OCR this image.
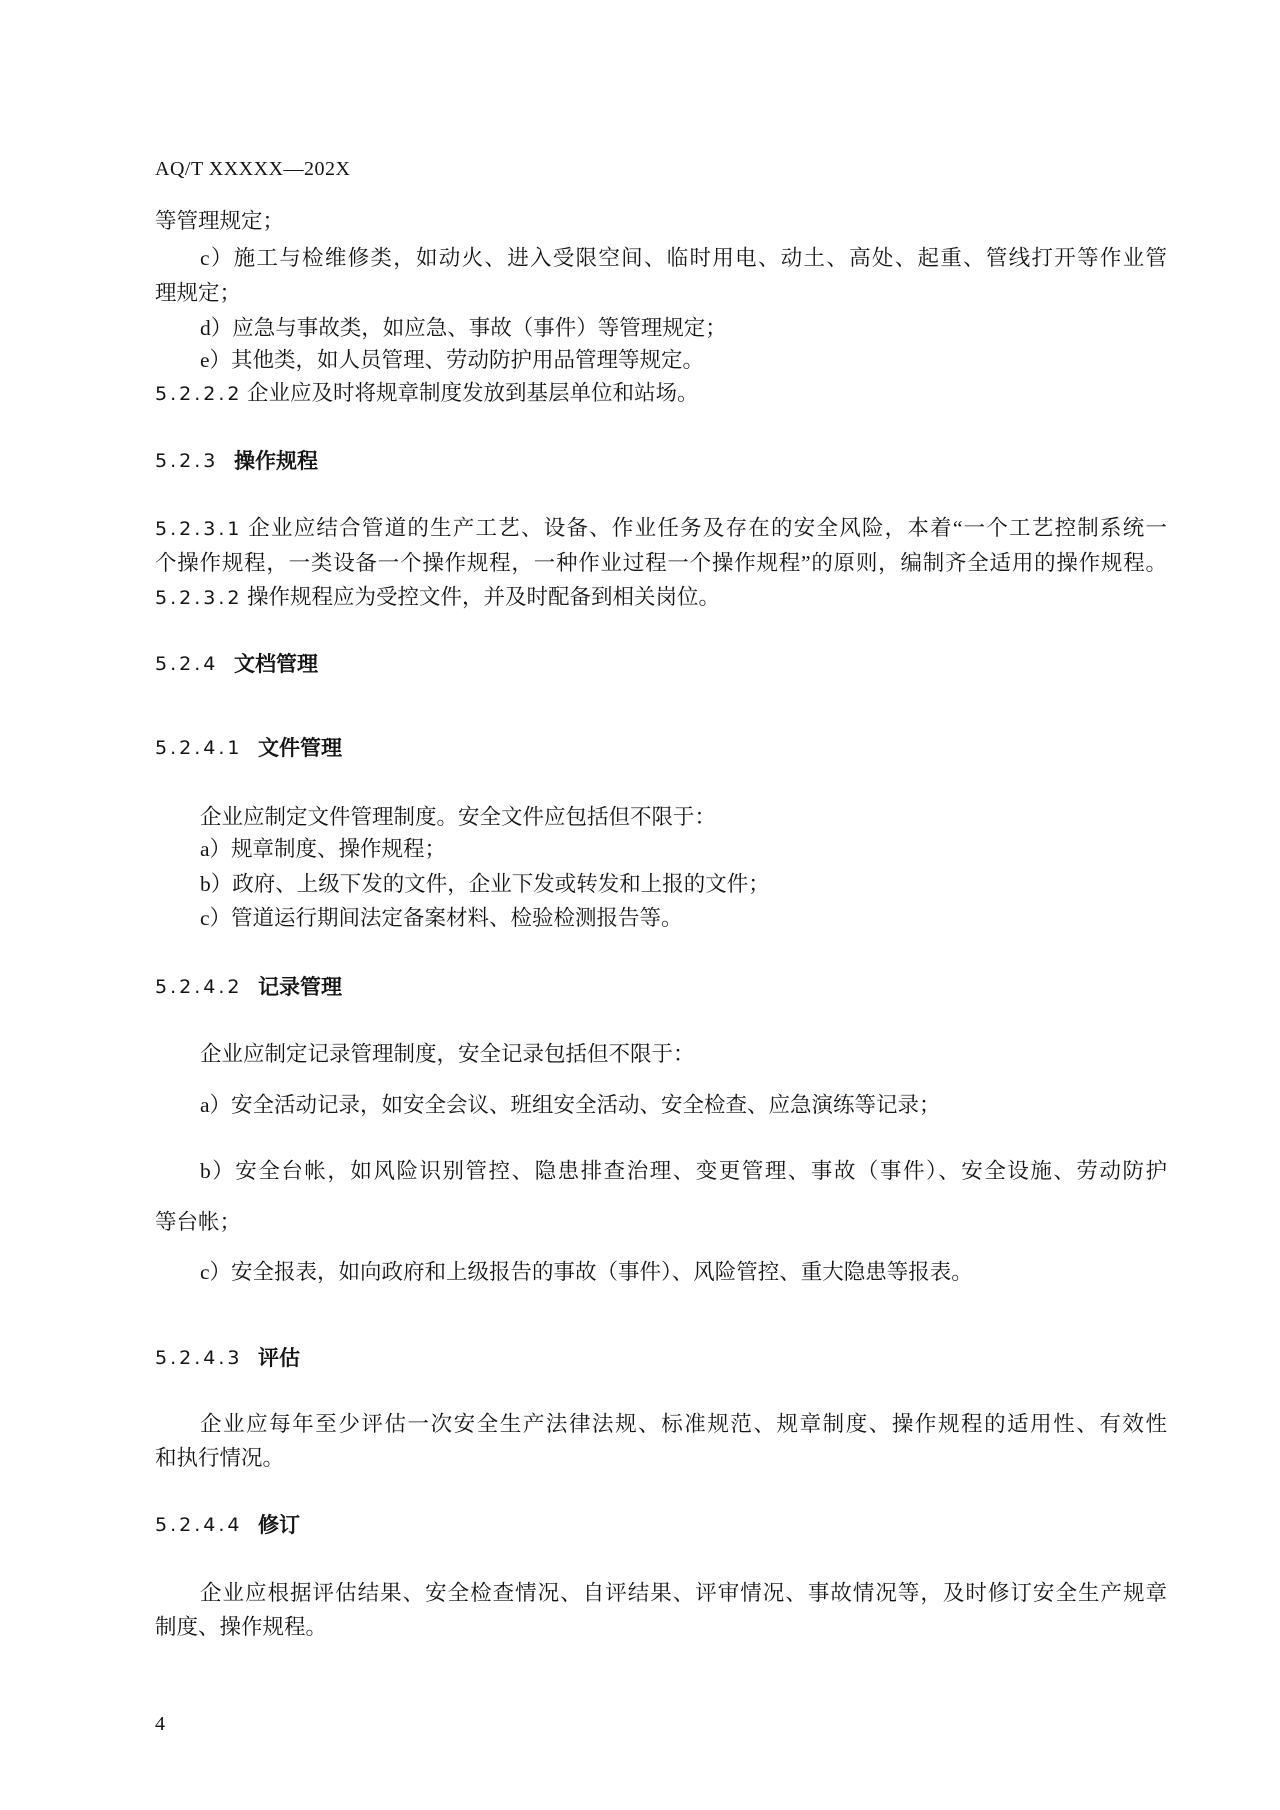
AQ/T XXXXX—202X
等管理规定；
c）施工与检维修类，如动火、进入受限空间、临时用电、动土、高处、起重、管线打开等作业管
理规定；
d）应急与事故类，如应急、事故（事件）等管理规定；
e）其他类，如人员管理、劳动防护用品管理等规定。
5.2.2.2 企业应及时将规章制度发放到基层单位和站场。
5.2.3 操作规程
5.2.3.1 企业应结合管道的生产工艺、设备、作业任务及存在的安全风险，本着“一个工艺控制系统一
个操作规程，一类设备一个操作规程，一种作业过程一个操作规程”的原则，编制齐全适用的操作规程。
5.2.3.2 操作规程应为受控文件，并及时配备到相关岗位。
5.2.4 文档管理
5.2.4.1 文件管理
企业应制定文件管理制度。安全文件应包括但不限于：
a）规章制度、操作规程；
b）政府、上级下发的文件，企业下发或转发和上报的文件；
c）管道运行期间法定备案材料、检验检测报告等。
5.2.4.2 记录管理
企业应制定记录管理制度，安全记录包括但不限于：
a）安全活动记录，如安全会议、班组安全活动、安全检查、应急演练等记录；
b）安全台帐，如风险识别管控、隐患排查治理、变更管理、事故（事件）、安全设施、劳动防护
等台帐；
c）安全报表，如向政府和上级报告的事故（事件）、风险管控、重大隐患等报表。
5.2.4.3 评估
企业应每年至少评估一次安全生产法律法规、标准规范、规章制度、操作规程的适用性、有效性
和执行情况。
5.2.4.4 修订
企业应根据评估结果、安全检查情况、自评结果、评审情况、事故情况等，及时修订安全生产规章
制度、操作规程。
4
